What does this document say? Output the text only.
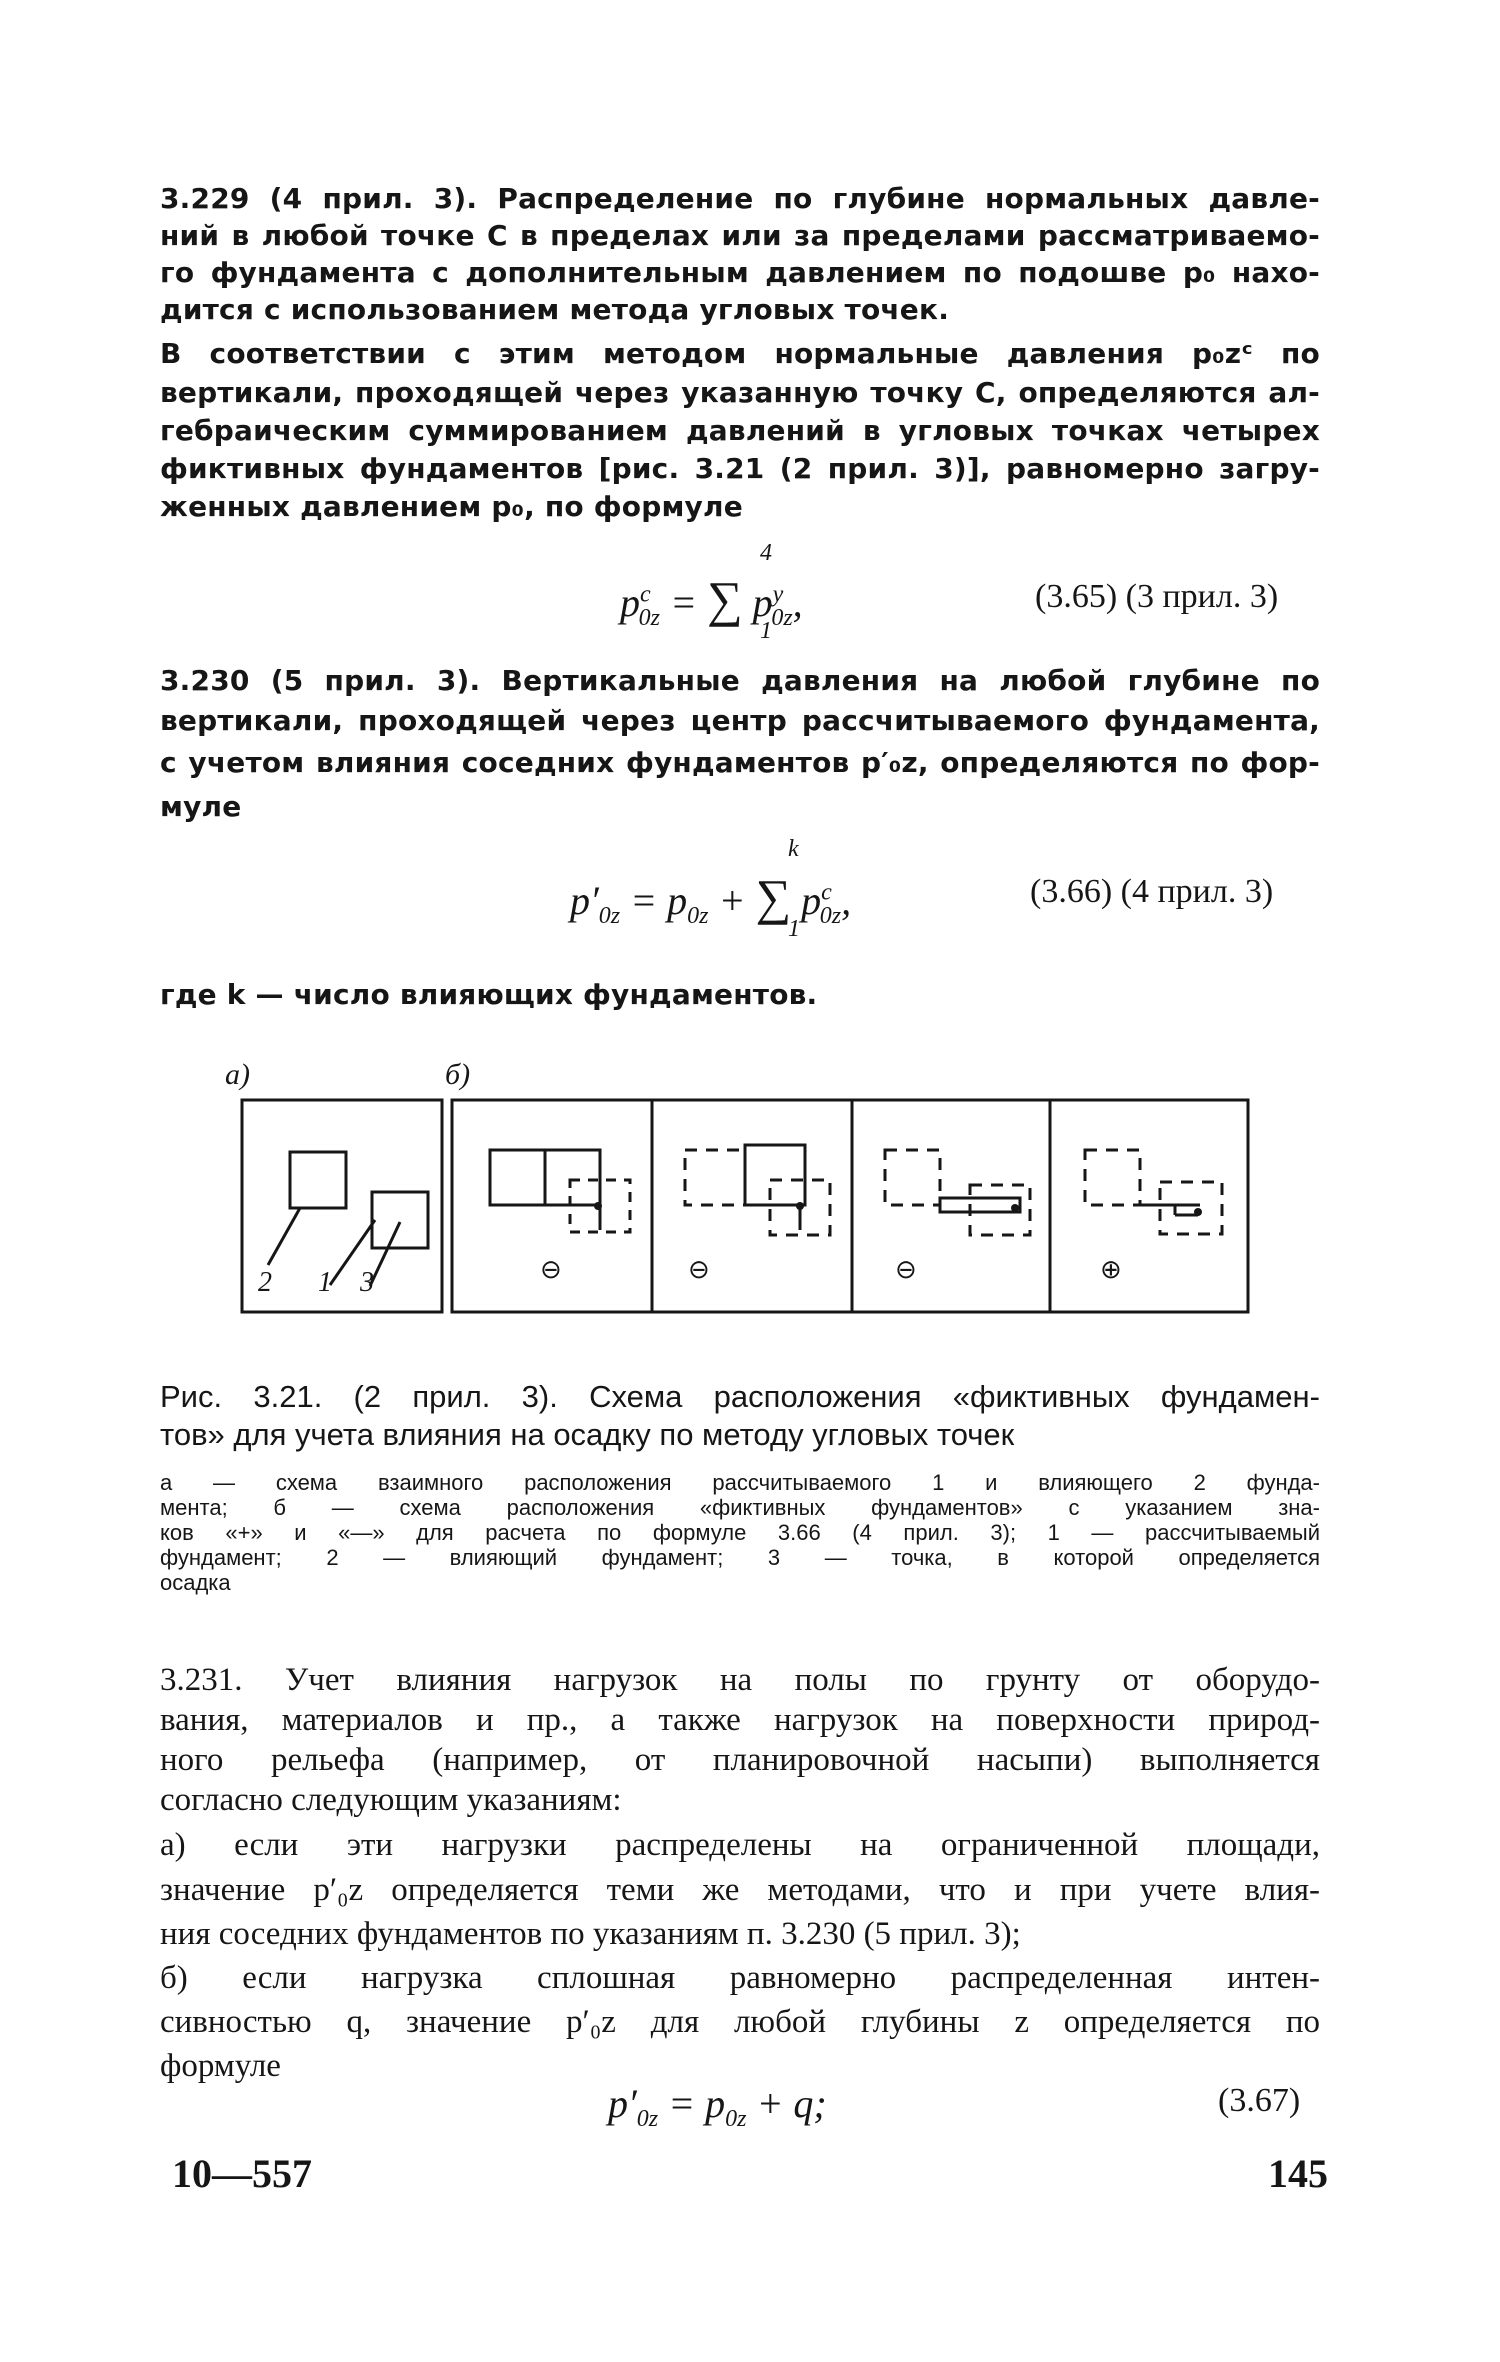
3.229 (4 прил. 3). Распределение по глубине нормальных давле-
ний в любой точке C в пределах или за пределами рассматриваемо-
го фундамента с дополнительным давлением по подошве p₀ нахо-
дится с использованием метода угловых точек.
В соответствии с этим методом нормальные давления p₀zᶜ по
вертикали, проходящей через указанную точку C, определяются ал-
гебраическим суммированием давлений в угловых точках четырех
фиктивных фундаментов [рис. 3.21 (2 прил. 3)], равномерно загру-
женных давлением p₀, по формуле
4
$p^c_{0z}$ = ∑ $p^у_{0z}$,
1
(3.65) (3 прил. 3)
3.230 (5 прил. 3). Вертикальные давления на любой глубине по
вертикали, проходящей через центр рассчитываемого фундамента,
с учетом влияния соседних фундаментов p′₀z, определяются по фор-
муле
k
$p'_{0z} = p_{0z}$ + ∑ $p^c_{0z}$,
1
(3.66) (4 прил. 3)
где k — число влияющих фундаментов.
а)	б)
2 1 3	⊖	⊖	⊖	⊕
Рис. 3.21. (2 прил. 3). Схема расположения «фиктивных фундамен-
тов» для учета влияния на осадку по методу угловых точек
а — схема взаимного расположения рассчитываемого 1 и влияющего 2 фунда-
мента; б — схема расположения «фиктивных фундаментов» с указанием зна-
ков «+» и «—» для расчета по формуле 3.66 (4 прил. 3); 1 — рассчитываемый
фундамент; 2 — влияющий фундамент; 3 — точка, в которой определяется
осадка
3.231. Учет влияния нагрузок на полы по грунту от оборудо-
вания, материалов и пр., а также нагрузок на поверхности природ-
ного рельефа (например, от планировочной насыпи) выполняется
согласно следующим указаниям:
а) если эти нагрузки распределены на ограниченной площади,
значение p′₀z определяется теми же методами, что и при учете влия-
ния соседних фундаментов по указаниям п. 3.230 (5 прил. 3);
б) если нагрузка сплошная равномерно распределенная интен-
сивностью q, значение p′₀z для любой глубины z определяется по
формуле
$p'_{0z} = p_{0z} + q$;	(3.67)
10—557	145
